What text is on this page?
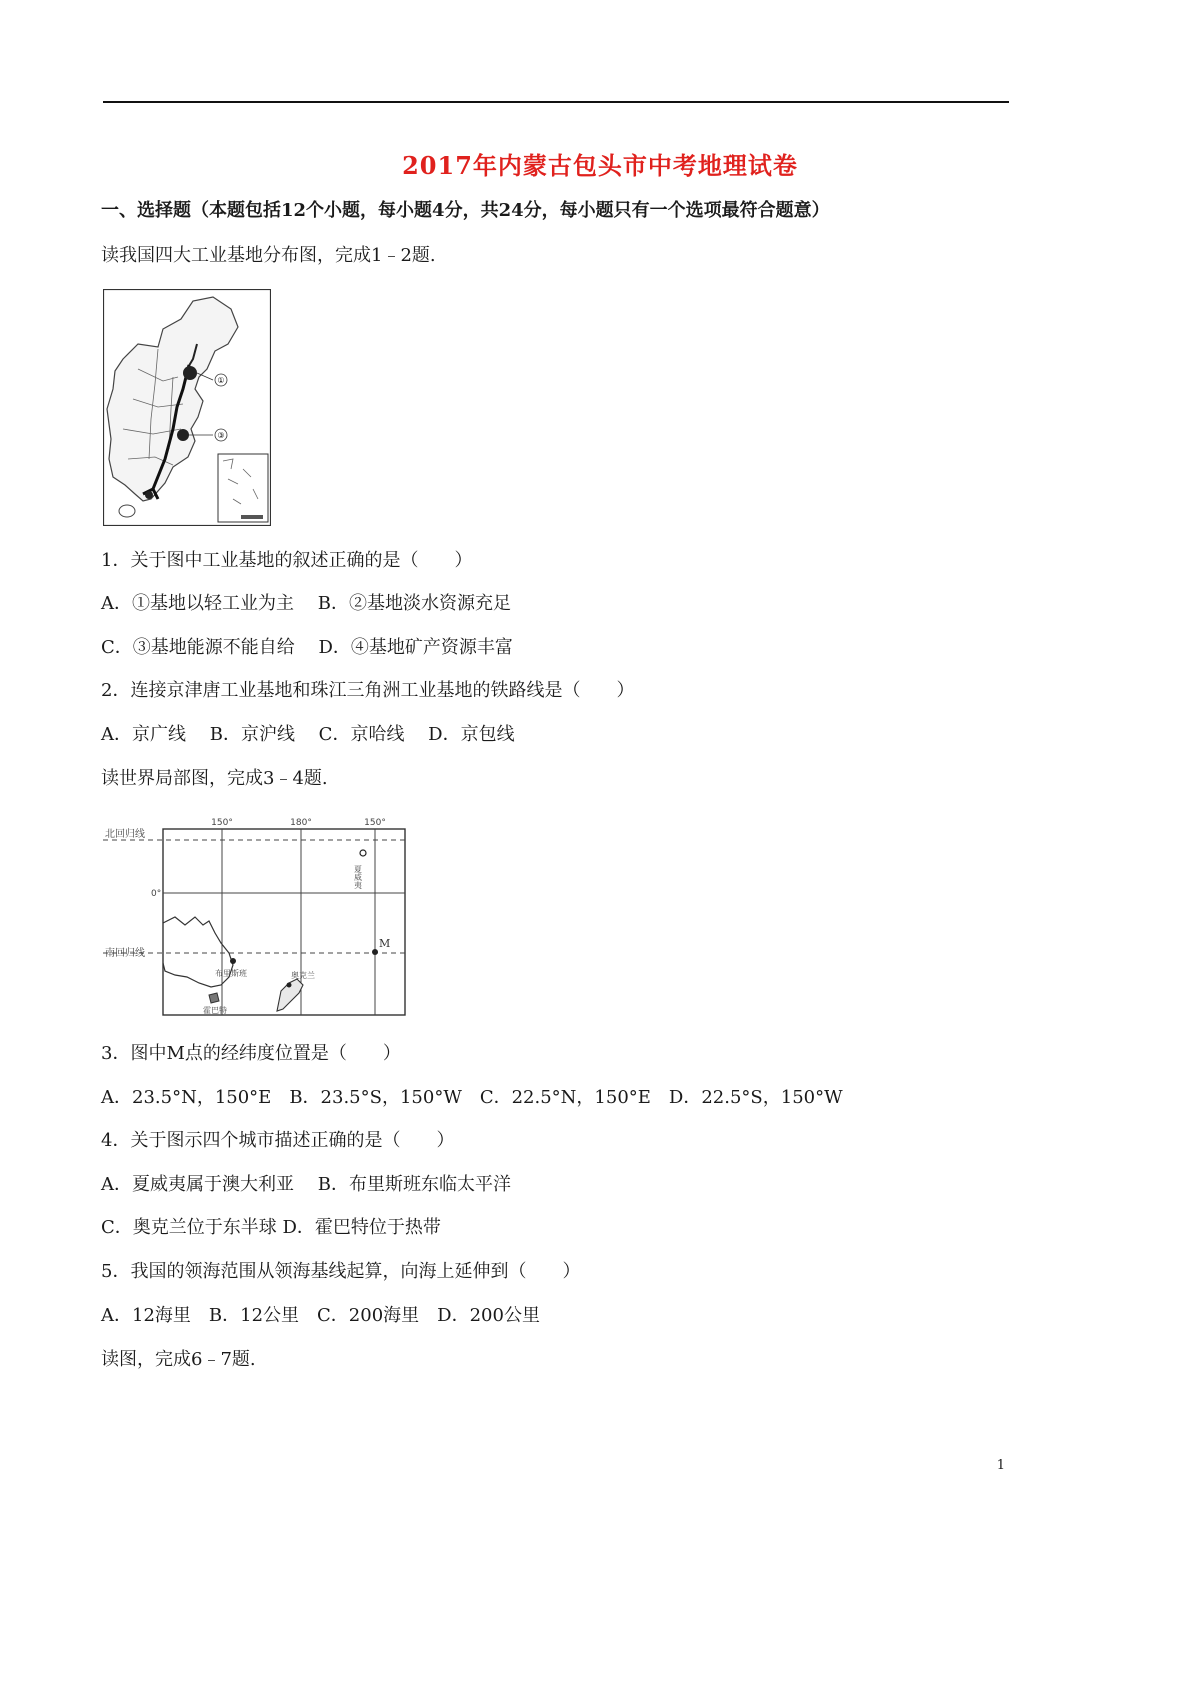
2017年内蒙古包头市中考地理试卷
一、选择题（本题包括12个小题，每小题4分，共24分，每小题只有一个选项最符合题意）
读我国四大工业基地分布图，完成1﹣2题.
①
③
1．关于图中工业基地的叙述正确的是（　　）
A．①基地以轻工业为主　 B．②基地淡水资源充足
C．③基地能源不能自给　 D．④基地矿产资源丰富
2．连接京津唐工业基地和珠江三角洲工业基地的铁路线是（　　）
A．京广线　 B．京沪线　 C．京哈线　 D．京包线
读世界局部图，完成3﹣4题.
150°	180°	150°
北回归线
0°
南回归线
布里斯班	奥克兰
霍巴特
夏威夷
M
3．图中M点的经纬度位置是（　　）
A．23.5°N，150°E　B．23.5°S，150°W　C．22.5°N，150°E　D．22.5°S，150°W
4．关于图示四个城市描述正确的是（　　）
A．夏威夷属于澳大利亚　 B．布里斯班东临太平洋
C．奥克兰位于东半球 D．霍巴特位于热带
5．我国的领海范围从领海基线起算，向海上延伸到（　　）
A．12海里　B．12公里　C．200海里　D．200公里
读图，完成6﹣7题.
1
